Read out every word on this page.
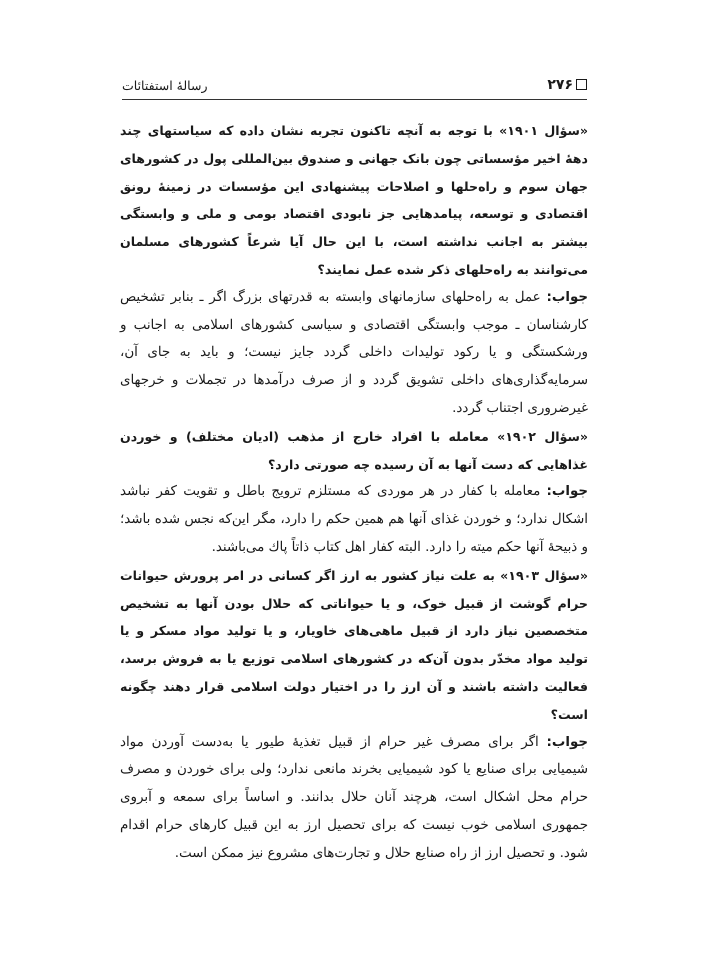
۲۷۶
رسالهٔ استفتائات

«سؤال ۱۹۰۱» با توجه به آنچه تاکنون تجربه نشان داده که سیاستهای چند دههٔ اخیر مؤسساتی چون بانک جهانی و صندوق بین‌المللی پول در کشورهای جهان سوم و راه‌حلها و اصلاحات پیشنهادی این مؤسسات در زمینهٔ رونق اقتصادی و توسعه، پیامدهایی جز نابودی اقتصاد بومی و ملی و وابستگی بیشتر به اجانب نداشته است، با این حال آیا شرعاً کشورهای مسلمان می‌توانند به راه‌حلهای ذکر شده عمل نمایند؟

جواب: عمل به راه‌حلهای سازمانهای وابسته به قدرتهای بزرگ اگر ـ بنابر تشخیص کارشناسان ـ موجب وابستگی اقتصادی و سیاسی کشورهای اسلامی به اجانب و ورشکستگی و یا رکود تولیدات داخلی گردد جایز نیست؛ و باید به جای آن، سرمایه‌گذاری‌های داخلی تشویق گردد و از صرف درآمدها در تجملات و خرجهای غیرضروری اجتناب گردد.

«سؤال ۱۹۰۲» معامله با افراد خارج از مذهب (ادیان مختلف) و خوردن غذاهایی که دست آنها به آن رسیده چه صورتی دارد؟

جواب: معامله با کفار در هر موردی که مستلزم ترویج باطل و تقویت کفر نباشد اشکال ندارد؛ و خوردن غذای آنها هم همین حکم را دارد، مگر این‌که نجس شده باشد؛ و ذبیحهٔ آنها حکم میته را دارد. البته کفار اهل کتاب ذاتاً پاك می‌باشند.

«سؤال ۱۹۰۳» به علت نیاز کشور به ارز اگر کسانی در امر پرورش حیوانات حرام گوشت از قبیل خوک، و یا حیواناتی که حلال بودن آنها به تشخیص متخصصین نیاز دارد از قبیل ماهی‌های خاویار، و یا تولید مواد مسکر و یا تولید مواد مخدّر بدون آن‌که در کشورهای اسلامی توزیع یا به فروش برسد، فعالیت داشته باشند و آن ارز را در اختیار دولت اسلامی قرار دهند چگونه است؟

جواب: اگر برای مصرف غیر حرام از قبیل تغذیهٔ طیور یا به‌دست آوردن مواد شیمیایی برای صنایع یا کود شیمیایی بخرند مانعی ندارد؛ ولی برای خوردن و مصرف حرام محل اشکال است، هرچند آنان حلال بدانند. و اساساً برای سمعه و آبروی جمهوری اسلامی خوب نیست که برای تحصیل ارز به این قبیل کارهای حرام اقدام شود. و تحصیل ارز از راه صنایع حلال و تجارت‌های مشروع نیز ممکن است.
